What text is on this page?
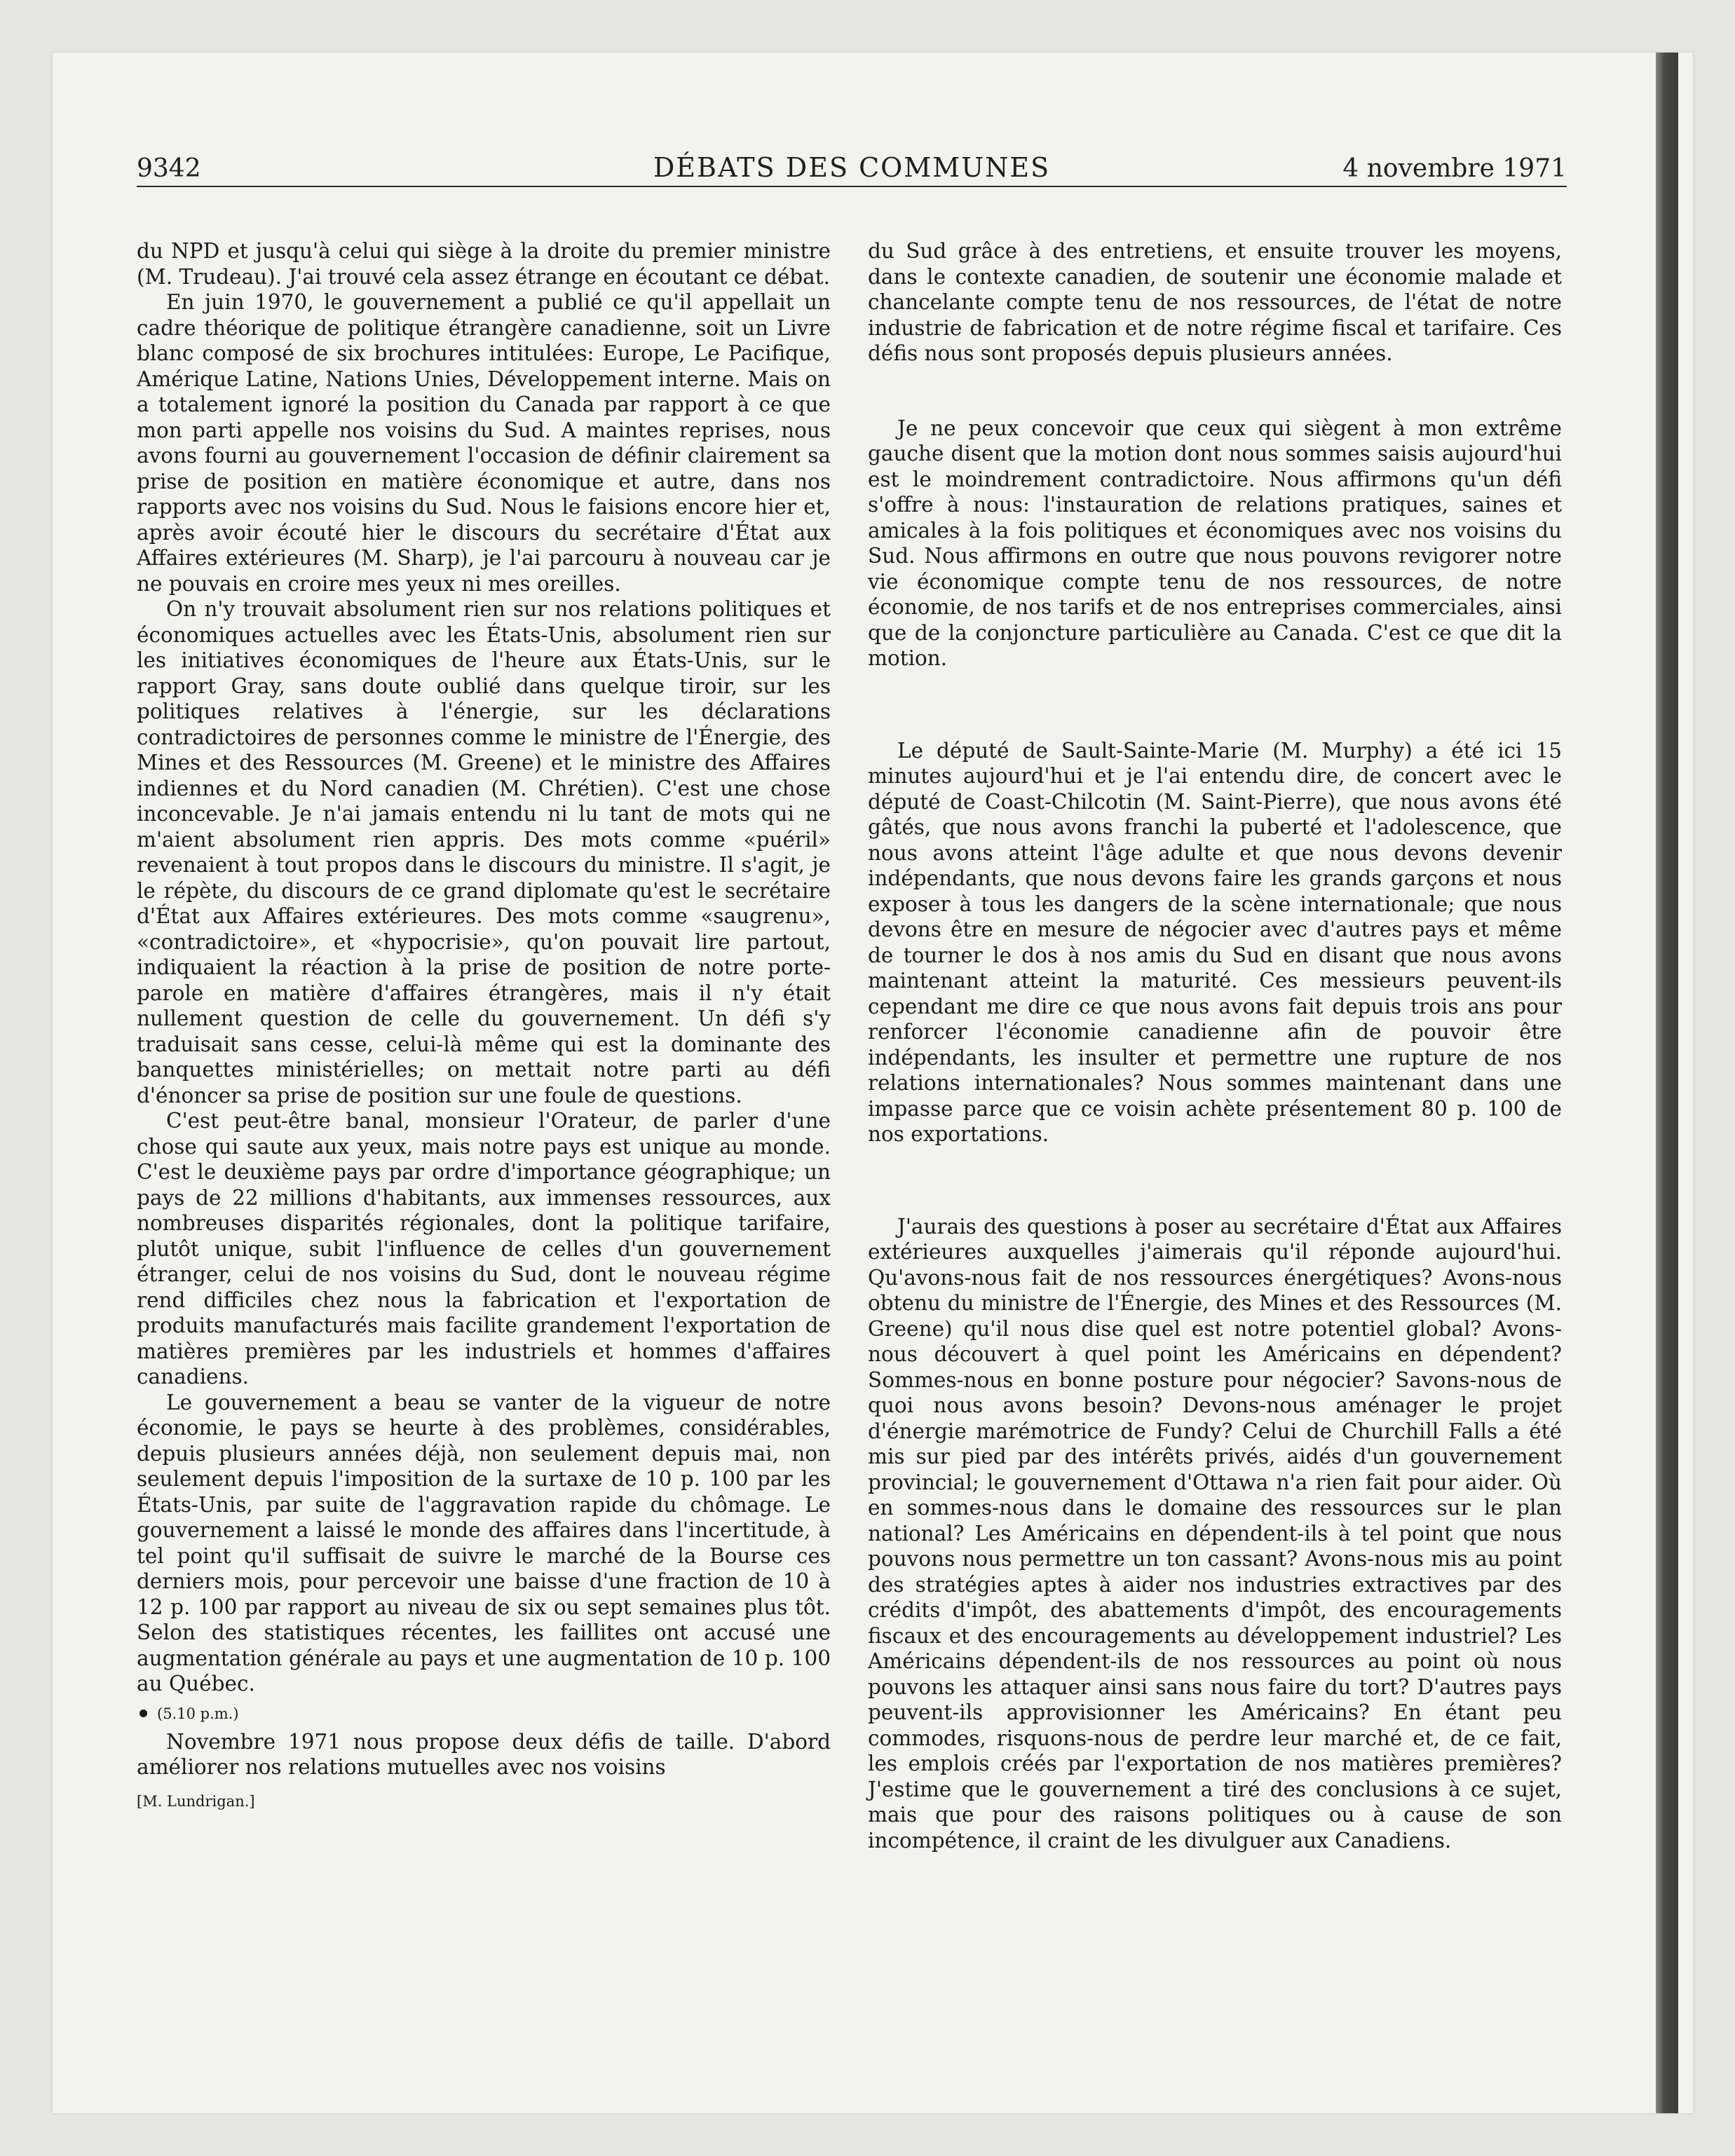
9342	DÉBATS DES COMMUNES	4 novembre 1971

du NPD et jusqu'à celui qui siège à la droite du premier ministre (M. Trudeau). J'ai trouvé cela assez étrange en écoutant ce débat.

En juin 1970, le gouvernement a publié ce qu'il appellait un cadre théorique de politique étrangère canadienne, soit un Livre blanc composé de six brochures intitulées: Europe, Le Pacifique, Amérique Latine, Nations Unies, Développement interne. Mais on a totalement ignoré la position du Canada par rapport à ce que mon parti appelle nos voisins du Sud. A maintes reprises, nous avons fourni au gouvernement l'occasion de définir clairement sa prise de position en matière économique et autre, dans nos rapports avec nos voisins du Sud. Nous le faisions encore hier et, après avoir écouté hier le discours du secrétaire d'État aux Affaires extérieures (M. Sharp), je l'ai parcouru à nouveau car je ne pouvais en croire mes yeux ni mes oreilles.

On n'y trouvait absolument rien sur nos relations politiques et économiques actuelles avec les États-Unis, absolument rien sur les initiatives économiques de l'heure aux États-Unis, sur le rapport Gray, sans doute oublié dans quelque tiroir, sur les politiques relatives à l'énergie, sur les déclarations contradictoires de personnes comme le ministre de l'Énergie, des Mines et des Ressources (M. Greene) et le ministre des Affaires indiennes et du Nord canadien (M. Chrétien). C'est une chose inconcevable. Je n'ai jamais entendu ni lu tant de mots qui ne m'aient absolument rien appris. Des mots comme «puéril» revenaient à tout propos dans le discours du ministre. Il s'agit, je le répète, du discours de ce grand diplomate qu'est le secrétaire d'État aux Affaires extérieures. Des mots comme «saugrenu», «contradictoire», et «hypocrisie», qu'on pouvait lire partout, indiquaient la réaction à la prise de position de notre porte-parole en matière d'affaires étrangères, mais il n'y était nullement question de celle du gouvernement. Un défi s'y traduisait sans cesse, celui-là même qui est la dominante des banquettes ministérielles; on mettait notre parti au défi d'énoncer sa prise de position sur une foule de questions.

C'est peut-être banal, monsieur l'Orateur, de parler d'une chose qui saute aux yeux, mais notre pays est unique au monde. C'est le deuxième pays par ordre d'importance géographique; un pays de 22 millions d'habitants, aux immenses ressources, aux nombreuses disparités régionales, dont la politique tarifaire, plutôt unique, subit l'influence de celles d'un gouvernement étranger, celui de nos voisins du Sud, dont le nouveau régime rend difficiles chez nous la fabrication et l'exportation de produits manufacturés mais facilite grandement l'exportation de matières premières par les industriels et hommes d'affaires canadiens.

Le gouvernement a beau se vanter de la vigueur de notre économie, le pays se heurte à des problèmes, considérables, depuis plusieurs années déjà, non seulement depuis mai, non seulement depuis l'imposition de la surtaxe de 10 p. 100 par les États-Unis, par suite de l'aggravation rapide du chômage. Le gouvernement a laissé le monde des affaires dans l'incertitude, à tel point qu'il suffisait de suivre le marché de la Bourse ces derniers mois, pour percevoir une baisse d'une fraction de 10 à 12 p. 100 par rapport au niveau de six ou sept semaines plus tôt. Selon des statistiques récentes, les faillites ont accusé une augmentation générale au pays et une augmentation de 10 p. 100 au Québec.

(5.10 p.m.)

Novembre 1971 nous propose deux défis de taille. D'abord améliorer nos relations mutuelles avec nos voisins

[M. Lundrigan.]

du Sud grâce à des entretiens, et ensuite trouver les moyens, dans le contexte canadien, de soutenir une économie malade et chancelante compte tenu de nos ressources, de l'état de notre industrie de fabrication et de notre régime fiscal et tarifaire. Ces défis nous sont proposés depuis plusieurs années.

Je ne peux concevoir que ceux qui siègent à mon extrême gauche disent que la motion dont nous sommes saisis aujourd'hui est le moindrement contradictoire. Nous affirmons qu'un défi s'offre à nous: l'instauration de relations pratiques, saines et amicales à la fois politiques et économiques avec nos voisins du Sud. Nous affirmons en outre que nous pouvons revigorer notre vie économique compte tenu de nos ressources, de notre économie, de nos tarifs et de nos entreprises commerciales, ainsi que de la conjoncture particulière au Canada. C'est ce que dit la motion.

Le député de Sault-Sainte-Marie (M. Murphy) a été ici 15 minutes aujourd'hui et je l'ai entendu dire, de concert avec le député de Coast-Chilcotin (M. Saint-Pierre), que nous avons été gâtés, que nous avons franchi la puberté et l'adolescence, que nous avons atteint l'âge adulte et que nous devons devenir indépendants, que nous devons faire les grands garçons et nous exposer à tous les dangers de la scène internationale; que nous devons être en mesure de négocier avec d'autres pays et même de tourner le dos à nos amis du Sud en disant que nous avons maintenant atteint la maturité. Ces messieurs peuvent-ils cependant me dire ce que nous avons fait depuis trois ans pour renforcer l'économie canadienne afin de pouvoir être indépendants, les insulter et permettre une rupture de nos relations internationales? Nous sommes maintenant dans une impasse parce que ce voisin achète présentement 80 p. 100 de nos exportations.

J'aurais des questions à poser au secrétaire d'État aux Affaires extérieures auxquelles j'aimerais qu'il réponde aujourd'hui. Qu'avons-nous fait de nos ressources énergétiques? Avons-nous obtenu du ministre de l'Énergie, des Mines et des Ressources (M. Greene) qu'il nous dise quel est notre potentiel global? Avons-nous découvert à quel point les Américains en dépendent? Sommes-nous en bonne posture pour négocier? Savons-nous de quoi nous avons besoin? Devons-nous aménager le projet d'énergie marémotrice de Fundy? Celui de Churchill Falls a été mis sur pied par des intérêts privés, aidés d'un gouvernement provincial; le gouvernement d'Ottawa n'a rien fait pour aider. Où en sommes-nous dans le domaine des ressources sur le plan national? Les Américains en dépendent-ils à tel point que nous pouvons nous permettre un ton cassant? Avons-nous mis au point des stratégies aptes à aider nos industries extractives par des crédits d'impôt, des abattements d'impôt, des encouragements fiscaux et des encouragements au développement industriel? Les Américains dépendent-ils de nos ressources au point où nous pouvons les attaquer ainsi sans nous faire du tort? D'autres pays peuvent-ils approvisionner les Américains? En étant peu commodes, risquons-nous de perdre leur marché et, de ce fait, les emplois créés par l'exportation de nos matières premières? J'estime que le gouvernement a tiré des conclusions à ce sujet, mais que pour des raisons politiques ou à cause de son incompétence, il craint de les divulguer aux Canadiens.
